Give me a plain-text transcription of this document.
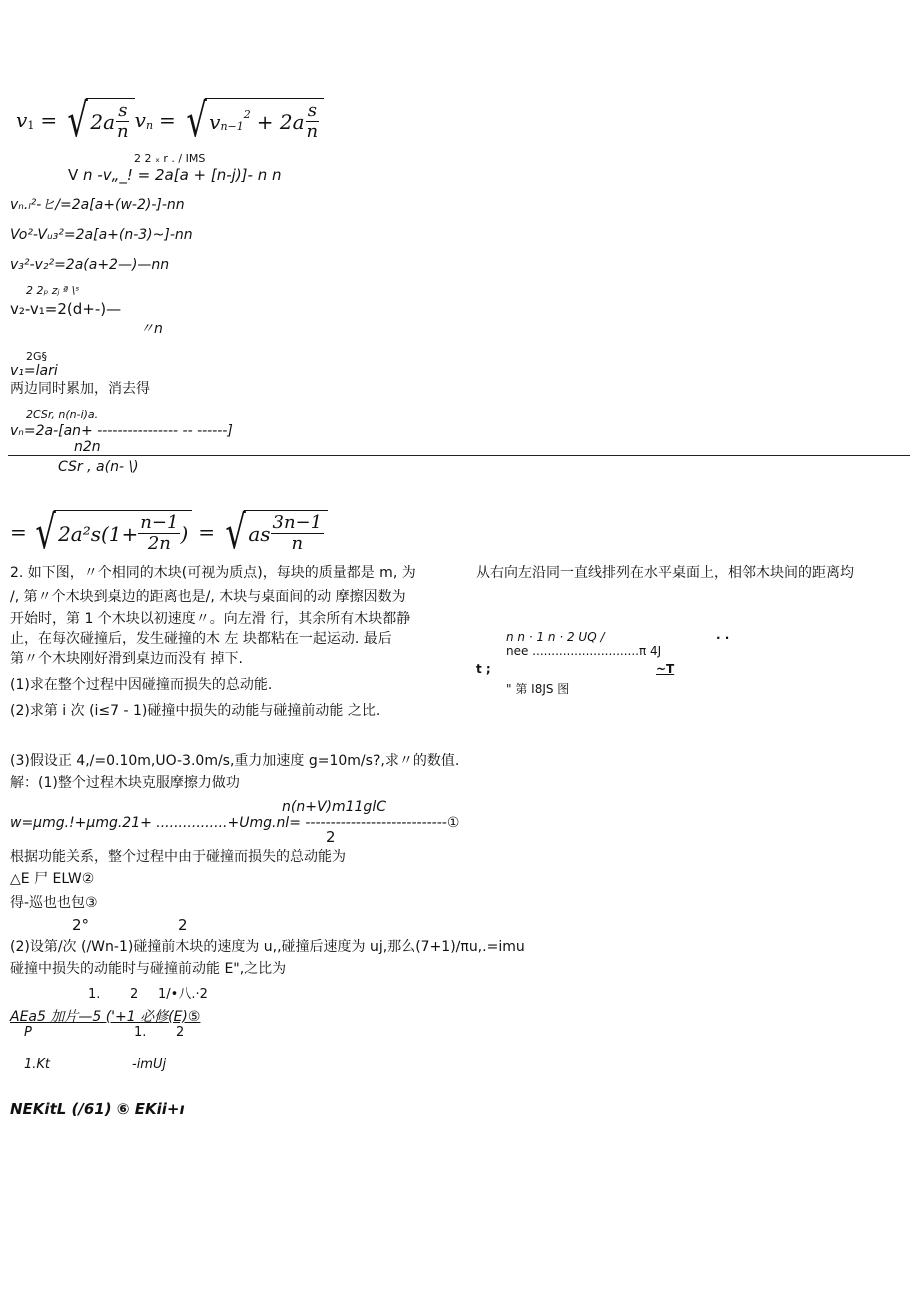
v 1 = √ $2a \frac{s}{n}$ v n = √ v n−1
$2 + 2a \frac{s}{n}$
2 2 ₓ r . / IMS
V n -v„_! = 2a[a + [n-j)]- n n
vₙ.ₗ²-ヒ/=2a[a+(w-2)-]-nn
Vo²-Vᵤ₃²=2a[a+(n-3)~]-nn
v₃²-v₂²=2a(a+2—)—nn
2 2ₚ zⱼ ª \ˢ
v₂-v₁=2(d+-)—
〃n
2G§
v₁=lari
两边同时累加，消去得
2CSr, n(n-i)a.
vₙ=2a-[an+ ---------------- -- ------]
n2n
CSr , a(n- \)
= √ $2a^2s(1+ \frac{n-1}{2n}$ ) = √ as $\frac{3n-1}{n}$
2. 如下图，〃个相同的木块(可视为质点)，每块的质量都是 m, 为	从右向左沿同一直线排列在水平桌面上，相邻木块间的距离均
/, 第〃个木块到桌边的距离也是/, 木块与桌面间的动 摩擦因数为
开始时，第 1 个木块以初速度〃。向左滑 行，其余所有木块都静
止，在每次碰撞后，发生碰撞的木 左 块都粘在一起运动. 最后
第〃个木块刚好滑到桌边而没有 掉下.
(1)求在整个过程中因碰撞而损失的总动能.
(2)求第 i 次 (i≤7 - 1)碰撞中损失的动能与碰撞前动能 之比.
n n · 1 n · 2 UQ /	. .
nee ............................π 4J
t ;	~T
" 第 I8JS 图
(3)假设正 4,/=0.10m,UO-3.0m/s,重力加速度 g=10m/s?,求〃的数值.
解：(1)整个过程木块克服摩擦力做功
n(n+V)m11glC
w=μmg.!+μmg.21+ ................+Umg.nl= ----------------------------①
2
根据功能关系，整个过程中由于碰撞而损失的总动能为
△E 尸 ELW②
得-巡也也包③
2°	2
(2)设第/次 (/Wn-1)碰撞前木块的速度为 u,,碰撞后速度为 uj,那么(7+1)∕πu,.=imu
碰撞中损失的动能时与碰撞前动能 E",之比为
1. 2 1/•八.·2
AEa5 加片—5 ('+1 必修(E)⑤
P	1. 2
1.Kt	-imUj
NEKitL (/61) ⑥ EKii+ı
